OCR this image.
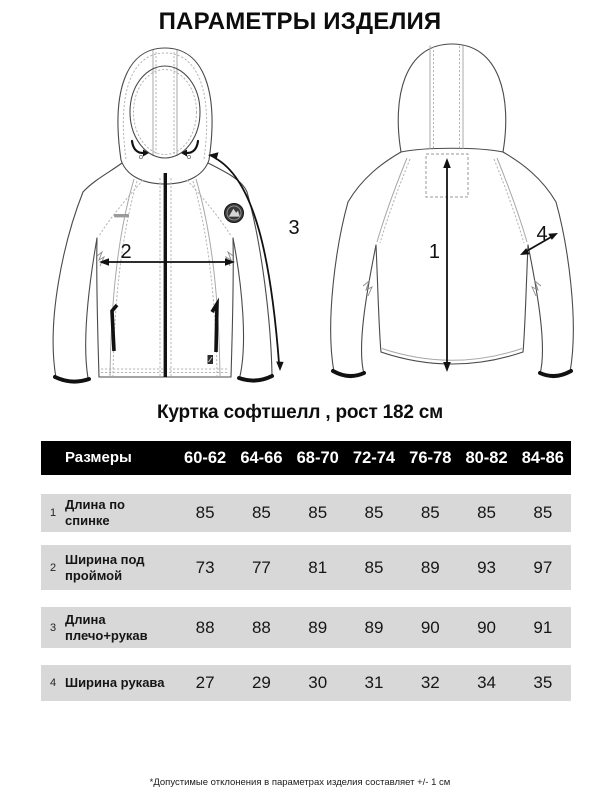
ПАРАМЕТРЫ ИЗДЕЛИЯ
2
3
1
4
Куртка софтшелл , рост 182 см
Размеры	60-62 64-66 68-70 72-74 76-78 80-82 84-86
1
Длина по спинке	85	85	85	85	85	85	85
2
Ширина под проймой	73	77	81	85	89	93	97
3
Длина плечо+рукав	88	88	89	89	90	90	91
4 Ширина рукава	27	29	30	31	32	34	35
*Допустимые отклонения в параметрах изделия составляет +/- 1 см
